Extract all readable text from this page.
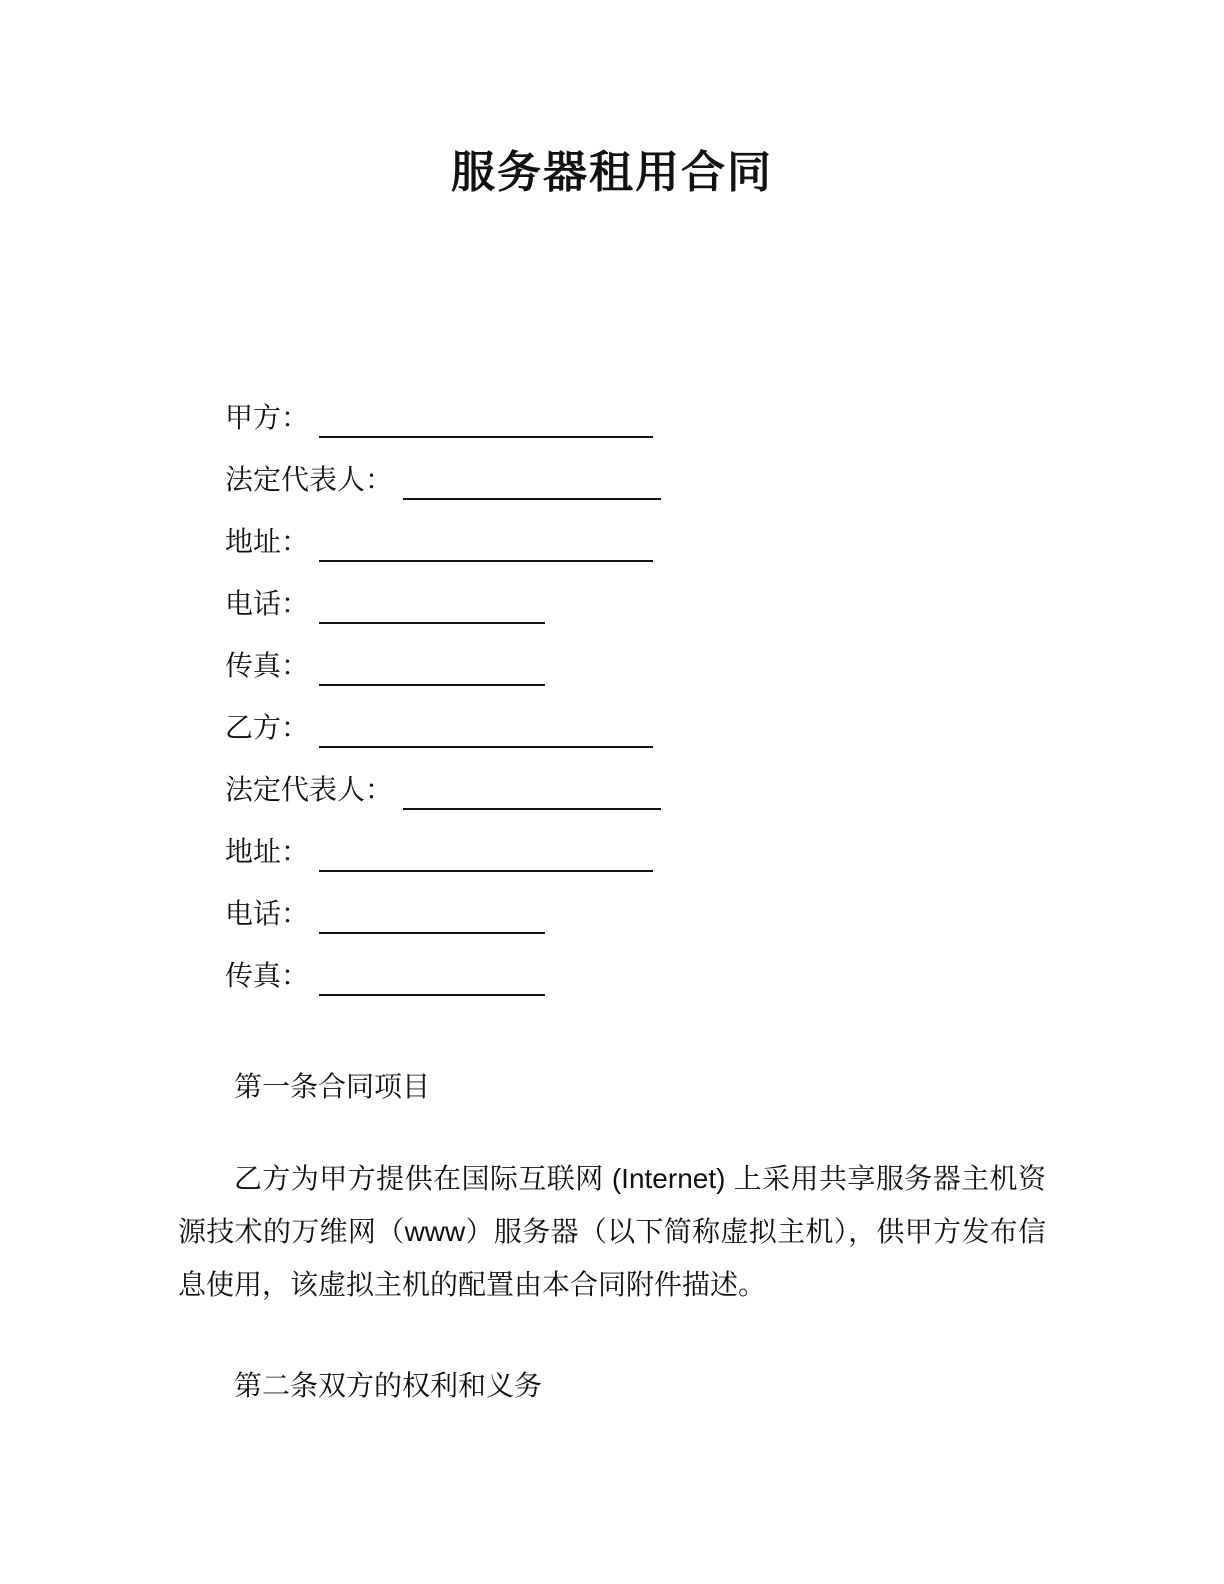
服务器租用合同
甲方：
法定代表人：
地址：
电话：
传真：
乙方：
法定代表人：
地址：
电话：
传真：
第一条合同项目

乙方为甲方提供在国际互联网 (Internet) 上采用共享服务器主机资源技术的万维网（www）服务器（以下简称虚拟主机），供甲方发布信息使用，该虚拟主机的配置由本合同附件描述。

第二条双方的权利和义务
